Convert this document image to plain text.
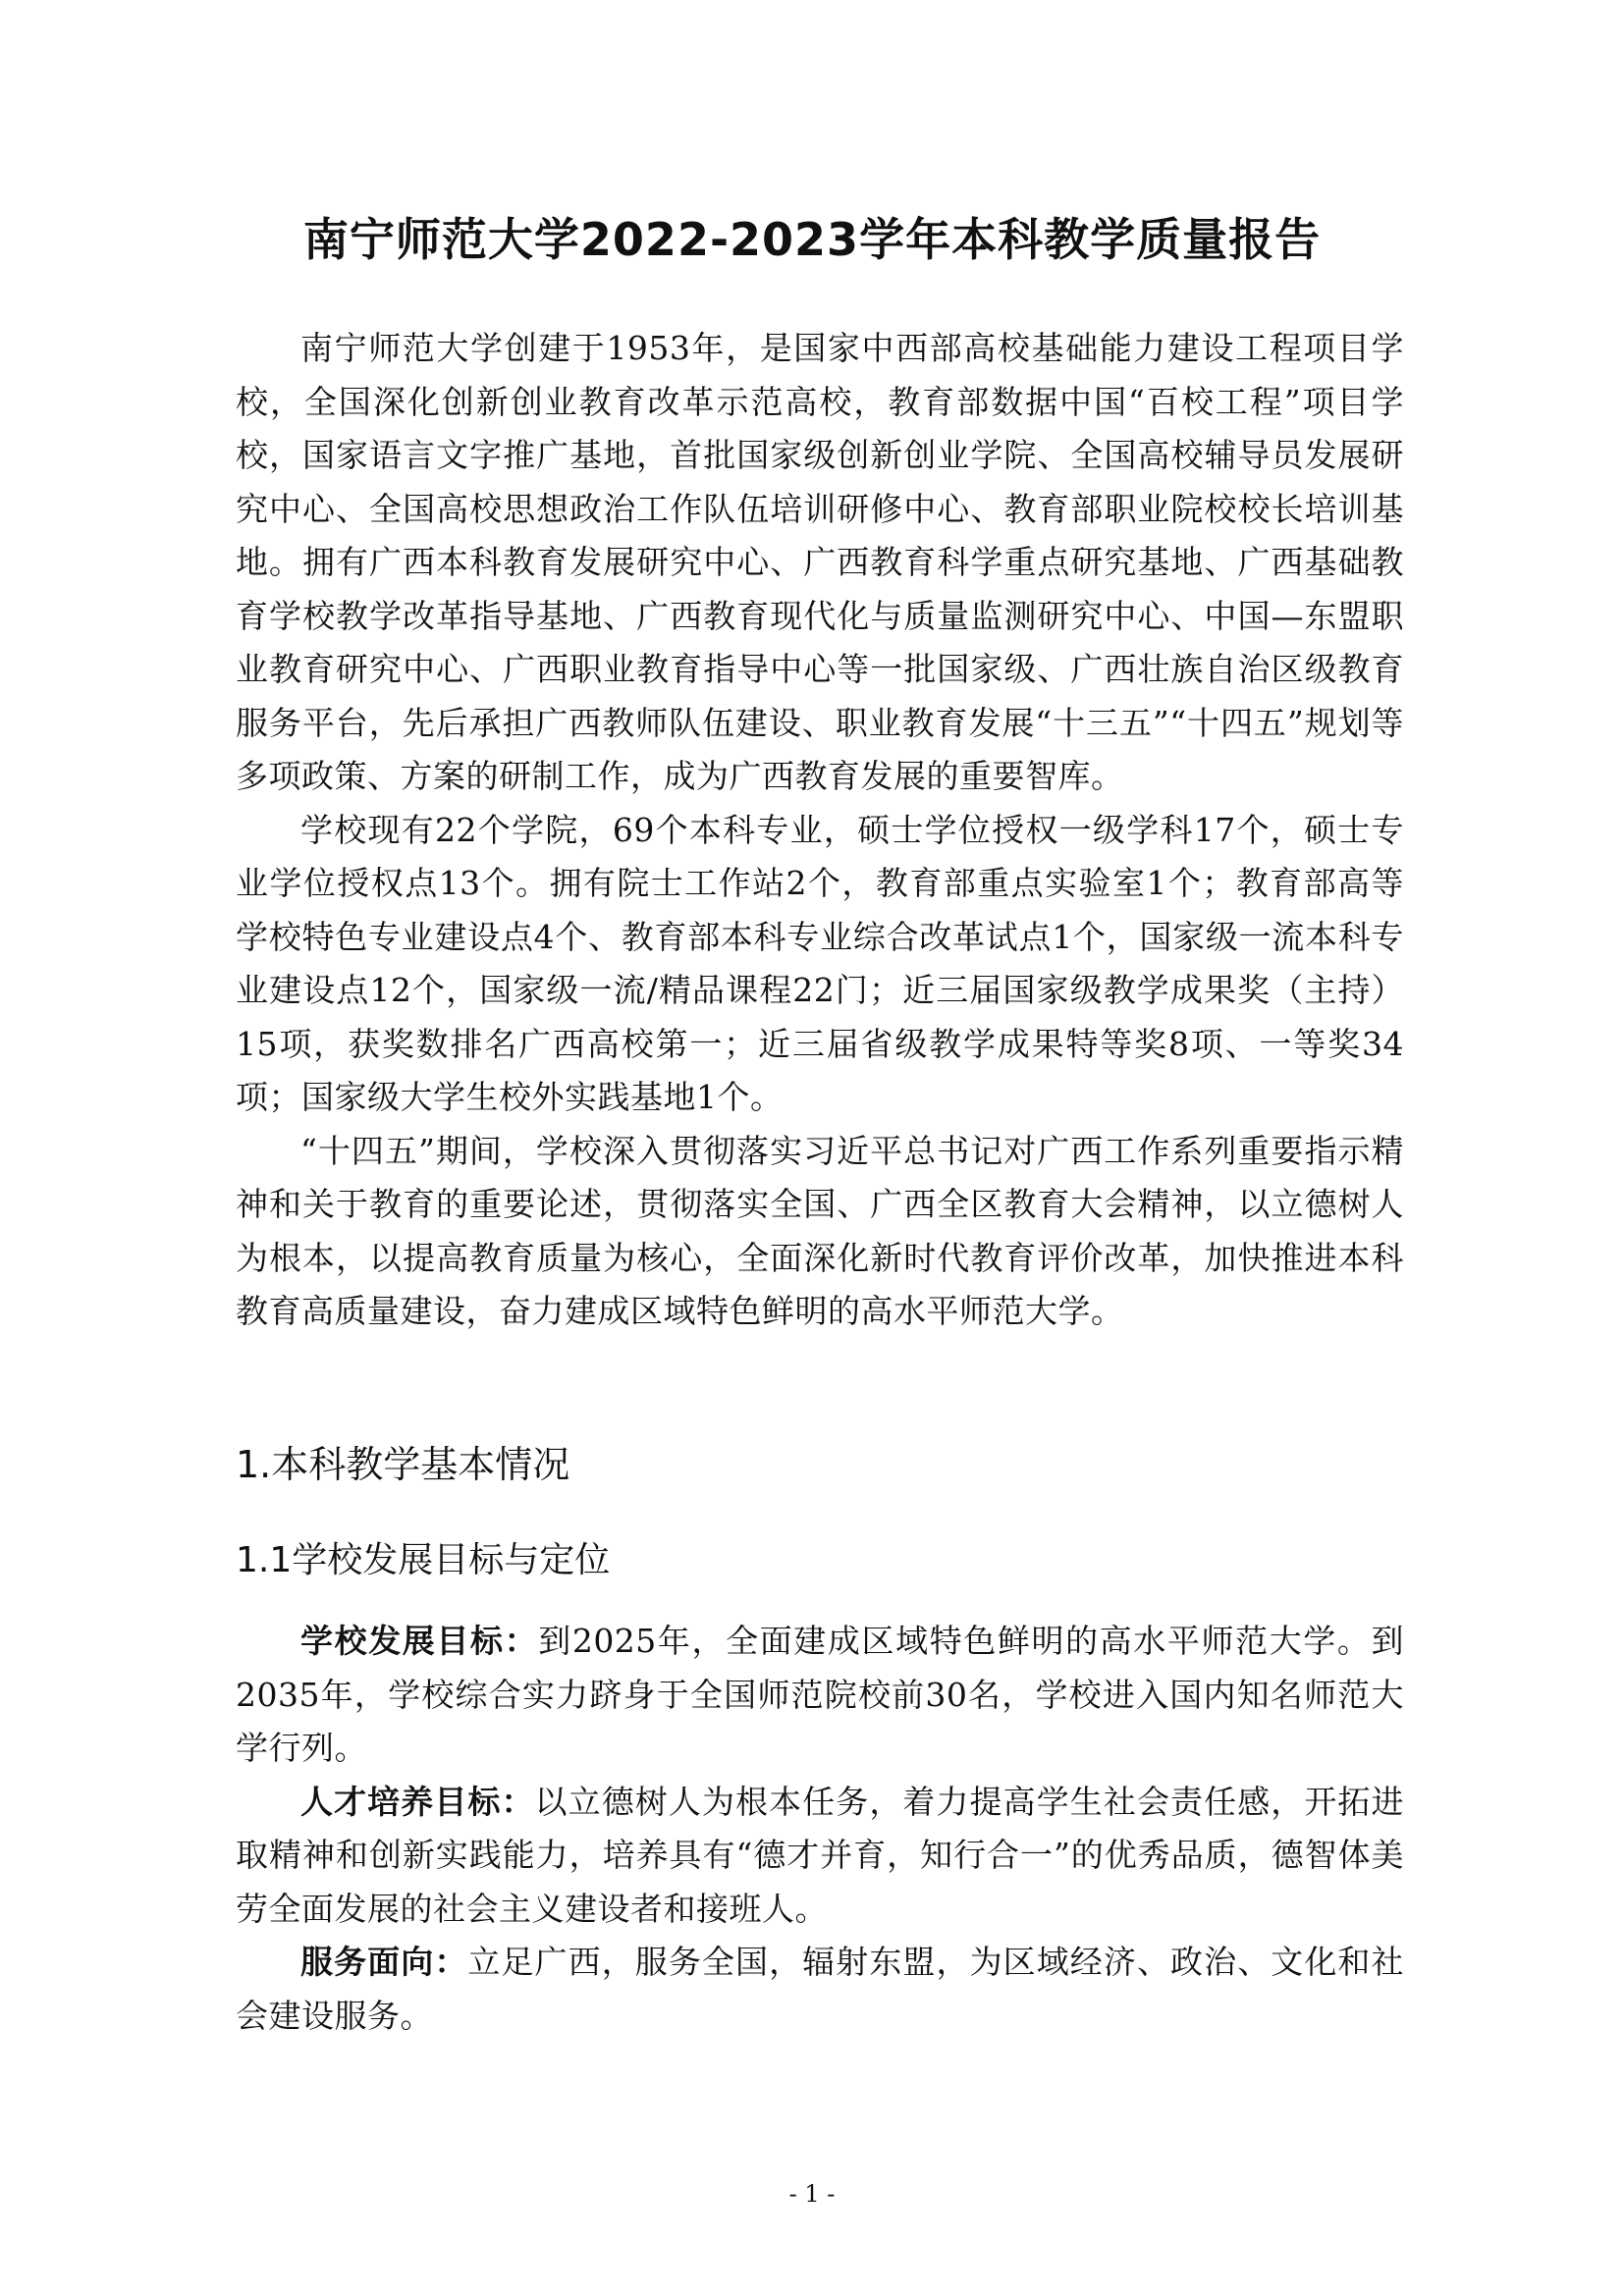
南宁师范大学2022-2023学年本科教学质量报告

南宁师范大学创建于1953年，是国家中西部高校基础能力建设工程项目学校，全国深化创新创业教育改革示范高校，教育部数据中国“百校工程”项目学校，国家语言文字推广基地，首批国家级创新创业学院、全国高校辅导员发展研究中心、全国高校思想政治工作队伍培训研修中心、教育部职业院校校长培训基地。拥有广西本科教育发展研究中心、广西教育科学重点研究基地、广西基础教育学校教学改革指导基地、广西教育现代化与质量监测研究中心、中国—东盟职业教育研究中心、广西职业教育指导中心等一批国家级、广西壮族自治区级教育服务平台，先后承担广西教师队伍建设、职业教育发展“十三五”“十四五”规划等多项政策、方案的研制工作，成为广西教育发展的重要智库。

学校现有22个学院，69个本科专业，硕士学位授权一级学科17个，硕士专业学位授权点13个。拥有院士工作站2个，教育部重点实验室1个；教育部高等学校特色专业建设点4个、教育部本科专业综合改革试点1个，国家级一流本科专业建设点12个，国家级一流/精品课程22门；近三届国家级教学成果奖（主持）15项，获奖数排名广西高校第一；近三届省级教学成果特等奖8项、一等奖34项；国家级大学生校外实践基地1个。

“十四五”期间，学校深入贯彻落实习近平总书记对广西工作系列重要指示精神和关于教育的重要论述，贯彻落实全国、广西全区教育大会精神，以立德树人为根本，以提高教育质量为核心，全面深化新时代教育评价改革，加快推进本科教育高质量建设，奋力建成区域特色鲜明的高水平师范大学。

1.本科教学基本情况
1.1学校发展目标与定位

学校发展目标：到2025年，全面建成区域特色鲜明的高水平师范大学。到2035年，学校综合实力跻身于全国师范院校前30名，学校进入国内知名师范大学行列。

人才培养目标：以立德树人为根本任务，着力提高学生社会责任感，开拓进取精神和创新实践能力，培养具有“德才并育，知行合一”的优秀品质，德智体美劳全面发展的社会主义建设者和接班人。

服务面向：立足广西，服务全国，辐射东盟，为区域经济、政治、文化和社会建设服务。

- 1 -
